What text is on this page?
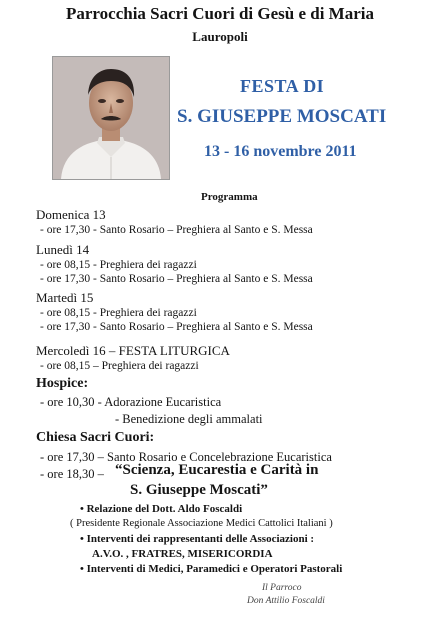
Parrocchia Sacri Cuori di Gesù e di Maria
Lauropoli
FESTA DI
S. GIUSEPPE MOSCATI
13 - 16 novembre 2011
Programma
Domenica 13
- ore 17,30 - Santo Rosario – Preghiera al Santo e S. Messa
Lunedì 14
- ore 08,15 - Preghiera dei ragazzi
- ore 17,30 - Santo Rosario – Preghiera al Santo e S. Messa
Martedì 15
- ore 08,15 - Preghiera dei ragazzi
- ore 17,30 - Santo Rosario – Preghiera al Santo e S. Messa
Mercoledì 16 – FESTA LITURGICA
- ore 08,15 – Preghiera dei ragazzi
Hospice:
- ore 10,30 - Adorazione Eucaristica
- Benedizione degli ammalati
Chiesa Sacri Cuori:
- ore 17,30 – Santo Rosario e Concelebrazione Eucaristica
- ore 18,30 – “Scienza, Eucarestia e Carità in
S. Giuseppe Moscati”
• Relazione del Dott. Aldo Foscaldi
( Presidente Regionale Associazione Medici Cattolici Italiani )
• Interventi dei rappresentanti delle Associazioni :
A.V.O. , FRATRES, MISERICORDIA
• Interventi di Medici, Paramedici e Operatori Pastorali
Il Parroco
Don Attilio Foscaldi
